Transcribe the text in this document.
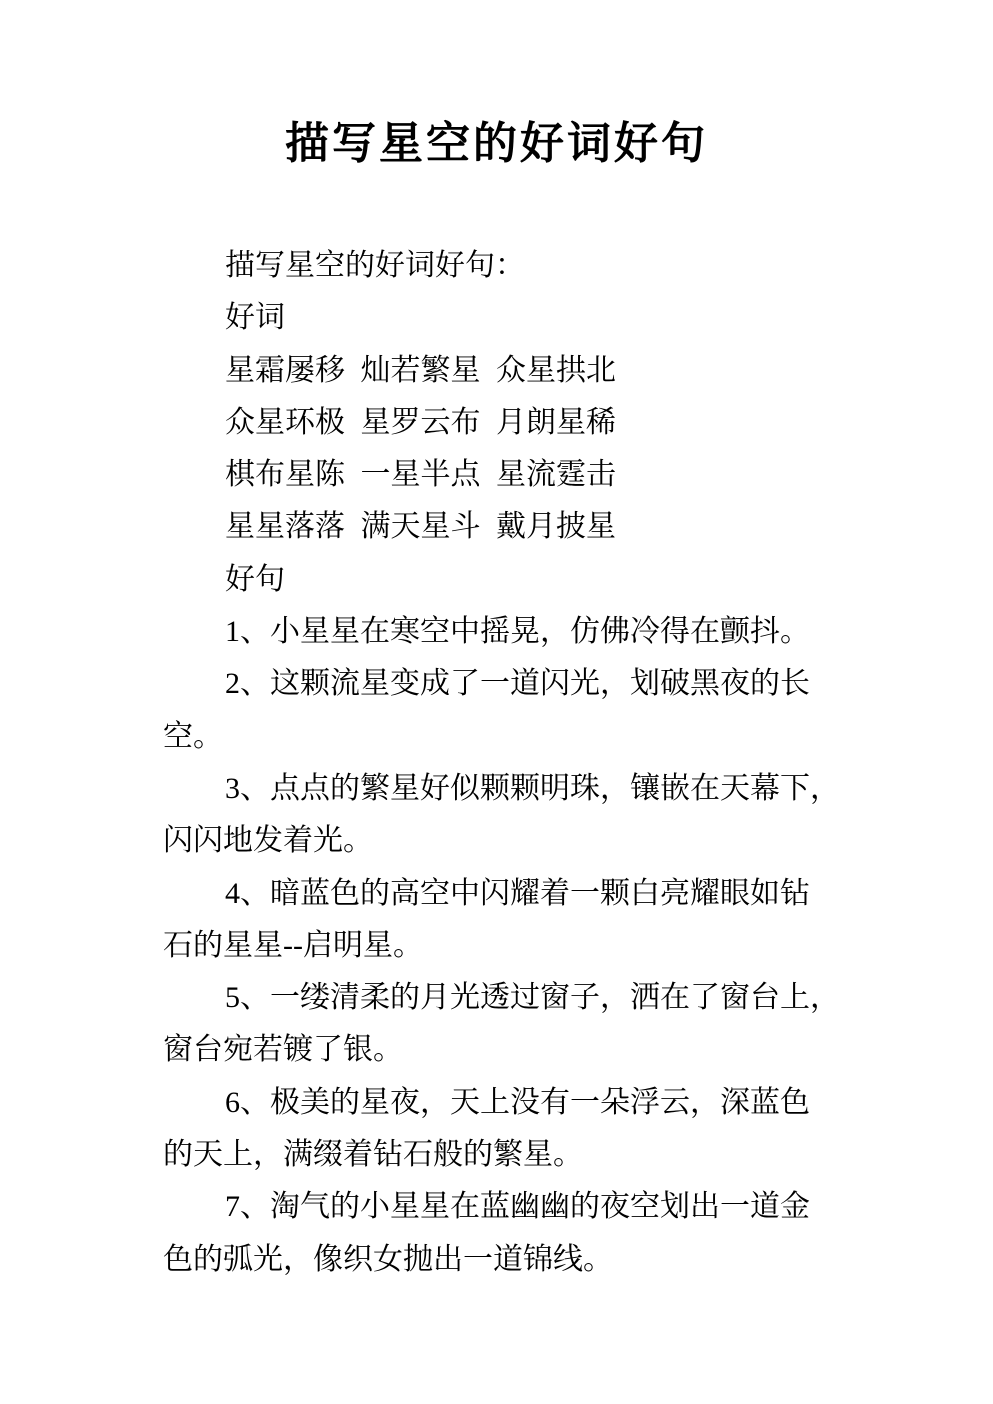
描写星空的好词好句
描写星空的好词好句：
好词
星霜屡移 灿若繁星 众星拱北
众星环极 星罗云布 月朗星稀
棋布星陈 一星半点 星流霆击
星星落落 满天星斗 戴月披星
好句
1、小星星在寒空中摇晃，仿佛冷得在颤抖。
2、这颗流星变成了一道闪光，划破黑夜的长
空。
3、点点的繁星好似颗颗明珠，镶嵌在天幕下，
闪闪地发着光。
4、暗蓝色的高空中闪耀着一颗白亮耀眼如钻
石的星星--启明星。
5、一缕清柔的月光透过窗子，洒在了窗台上，
窗台宛若镀了银。
6、极美的星夜，天上没有一朵浮云，深蓝色
的天上，满缀着钻石般的繁星。
7、淘气的小星星在蓝幽幽的夜空划出一道金
色的弧光，像织女抛出一道锦线。
